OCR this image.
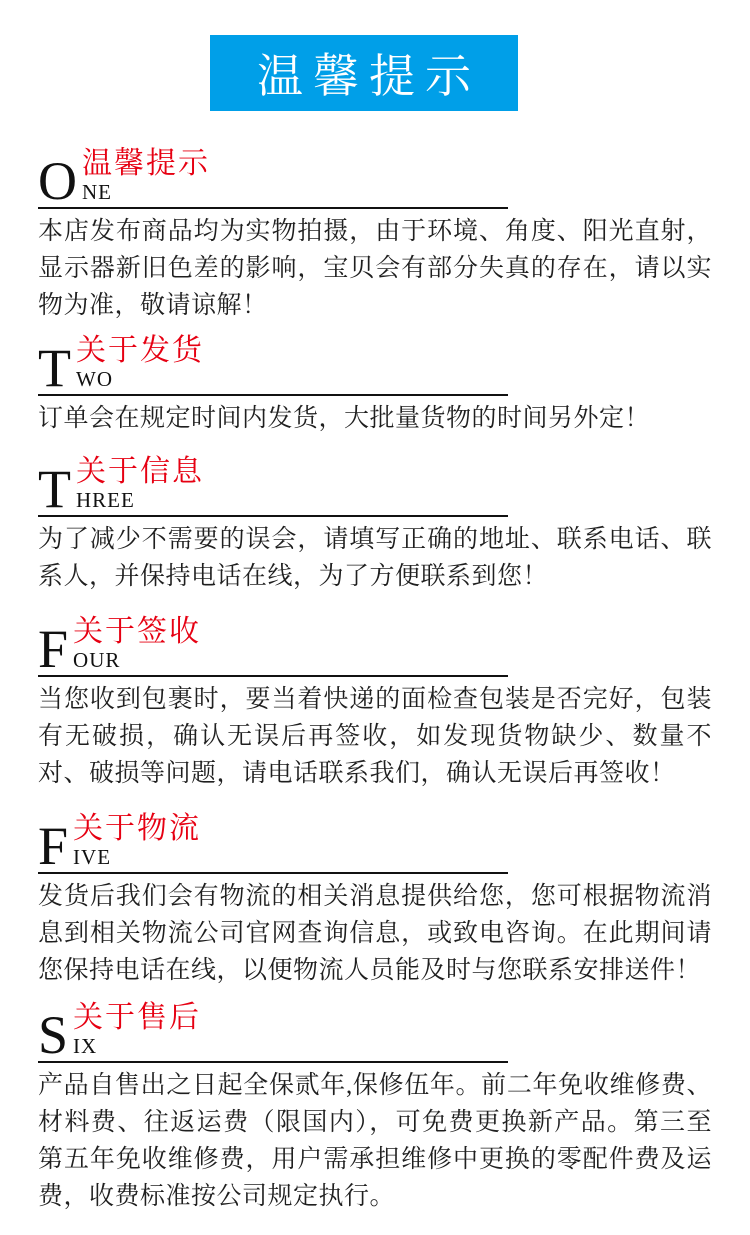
温馨提示
O 温馨提示
NE

本店发布商品均为实物拍摄，由于环境、角度、阳光直射，显示器新旧色差的影响，宝贝会有部分失真的存在，请以实物为准，敬请谅解！

T 关于发货
WO

订单会在规定时间内发货，大批量货物的时间另外定！

T 关于信息
HREE

为了减少不需要的误会，请填写正确的地址、联系电话、联系人，并保持电话在线，为了方便联系到您！

F 关于签收
OUR

当您收到包裹时，要当着快递的面检查包装是否完好，包装有无破损，确认无误后再签收，如发现货物缺少、数量不对、破损等问题，请电话联系我们，确认无误后再签收！

F 关于物流
IVE

发货后我们会有物流的相关消息提供给您，您可根据物流消息到相关物流公司官网查询信息，或致电咨询。在此期间请您保持电话在线，以便物流人员能及时与您联系安排送件！

S 关于售后
IX

产品自售出之日起全保贰年,保修伍年。前二年免收维修费、材料费、往返运费（限国内），可免费更换新产品。第三至第五年免收维修费，用户需承担维修中更换的零配件费及运费，收费标准按公司规定执行。
